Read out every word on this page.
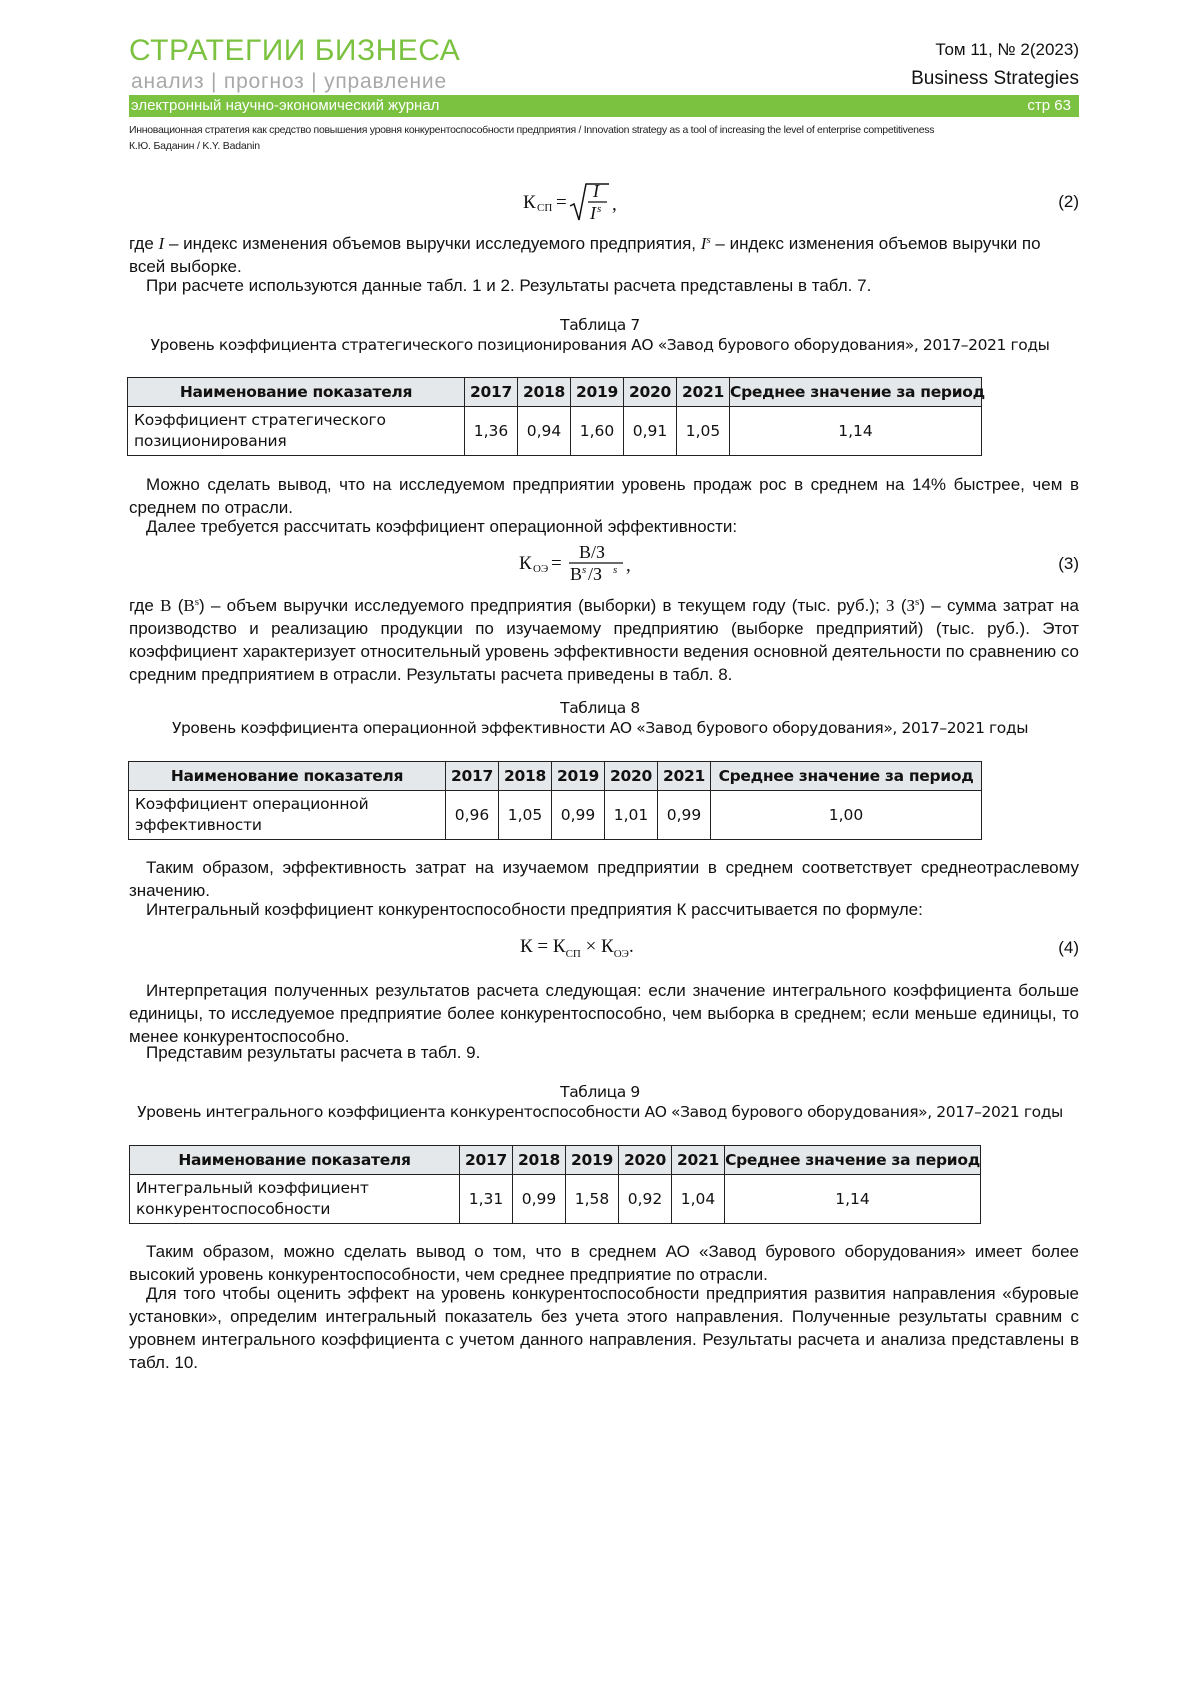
СТРАТЕГИИ БИЗНЕСА
анализ | прогноз | управление
Том 11, № 2(2023)
Business Strategies
электронный научно-экономический журнал	стр 63
Инновационная стратегия как средство повышения уровня конкурентоспособности предприятия / Innovation strategy as a tool of increasing the level of enterprise competitiveness
К.Ю. Баданин / K.Y. Badanin
К СП =
I
I s ,	(2)
где I – индекс изменения объемов выручки исследуемого предприятия, $I^s$ – индекс изменения объемов выручки по всей выборке.
При расчете используются данные табл. 1 и 2. Результаты расчета представлены в табл. 7.
Таблица 7
Уровень коэффициента стратегического позиционирования АО «Завод бурового оборудования», 2017–2021 годы
Наименование показателя	2017	2018	2019	2020	2021	Среднее значение за период
Коэффициент стратегического позиционирования	1,36	0,94	1,60	0,91	1,05	1,14
Можно сделать вывод, что на исследуемом предприятии уровень продаж рос в среднем на 14% быстрее, чем в среднем по отрасли.
Далее требуется рассчитать коэффициент операционной эффективности:
К ОЭ =
В/З
В s /З s ,	(3)
где В $(В^s)$ – объем выручки исследуемого предприятия (выборки) в текущем году (тыс. руб.); З $(З^s)$ – сумма затрат на производство и реализацию продукции по изучаемому предприятию (выборке предприятий) (тыс. руб.). Этот коэффициент характеризует относительный уровень эффективности ведения основной деятельности по сравнению со средним предприятием в отрасли. Результаты расчета приведены в табл. 8.
Таблица 8
Уровень коэффициента операционной эффективности АО «Завод бурового оборудования», 2017–2021 годы
Наименование показателя	2017	2018	2019	2020	2021	Среднее значение за период
Коэффициент операционной эффективности	0,96	1,05	0,99	1,01	0,99	1,00
Таким образом, эффективность затрат на изучаемом предприятии в среднем соответствует среднеотраслевому значению.
Интегральный коэффициент конкурентоспособности предприятия К рассчитывается по формуле:
$К = К_{СП} \times К_{ОЭ}$.	(4)
Интерпретация полученных результатов расчета следующая: если значение интегрального коэффициента больше единицы, то исследуемое предприятие более конкурентоспособно, чем выборка в среднем; если меньше единицы, то менее конкурентоспособно.
Представим результаты расчета в табл. 9.
Таблица 9
Уровень интегрального коэффициента конкурентоспособности АО «Завод бурового оборудования», 2017–2021 годы
Наименование показателя	2017	2018	2019	2020	2021	Среднее значение за период
Интегральный коэффициент конкурентоспособности	1,31	0,99	1,58	0,92	1,04	1,14
Таким образом, можно сделать вывод о том, что в среднем АО «Завод бурового оборудования» имеет более высокий уровень конкурентоспособности, чем среднее предприятие по отрасли.
Для того чтобы оценить эффект на уровень конкурентоспособности предприятия развития направления «буровые установки», определим интегральный показатель без учета этого направления. Полученные результаты сравним с уровнем интегрального коэффициента с учетом данного направления. Результаты расчета и анализа представлены в табл. 10.
